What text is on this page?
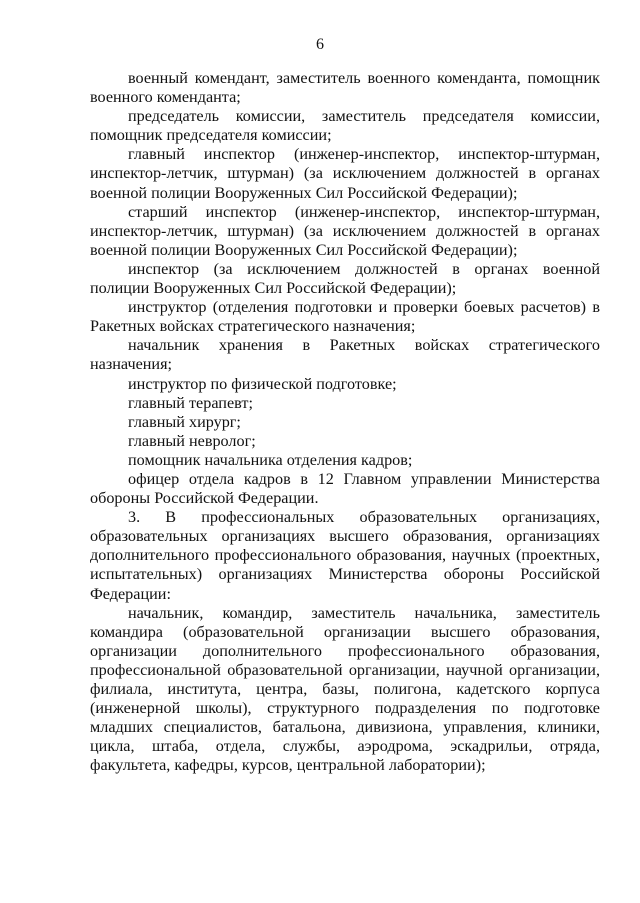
6

военный комендант, заместитель военного коменданта, помощник военного коменданта;

председатель комиссии, заместитель председателя комиссии, помощник председателя комиссии;

главный инспектор (инженер-инспектор, инспектор-штурман, инспектор-летчик, штурман) (за исключением должностей в органах военной полиции Вооруженных Сил Российской Федерации);

старший инспектор (инженер-инспектор, инспектор-штурман, инспектор-летчик, штурман) (за исключением должностей в органах военной полиции Вооруженных Сил Российской Федерации);

инспектор (за исключением должностей в органах военной полиции Вооруженных Сил Российской Федерации);

инструктор (отделения подготовки и проверки боевых расчетов) в Ракетных войсках стратегического назначения;

начальник хранения в Ракетных войсках стратегического назначения;

инструктор по физической подготовке;

главный терапевт;

главный хирург;

главный невролог;

помощник начальника отделения кадров;

офицер отдела кадров в 12 Главном управлении Министерства обороны Российской Федерации.

3. В профессиональных образовательных организациях, образовательных организациях высшего образования, организациях дополнительного профессионального образования, научных (проектных, испытательных) организациях Министерства обороны Российской Федерации:

начальник, командир, заместитель начальника, заместитель командира (образовательной организации высшего образования, организации дополнительного профессионального образования, профессиональной образовательной организации, научной организации, филиала, института, центра, базы, полигона, кадетского корпуса (инженерной школы), структурного подразделения по подготовке младших специалистов, батальона, дивизиона, управления, клиники, цикла, штаба, отдела, службы, аэродрома, эскадрильи, отряда, факультета, кафедры, курсов, центральной лаборатории);
